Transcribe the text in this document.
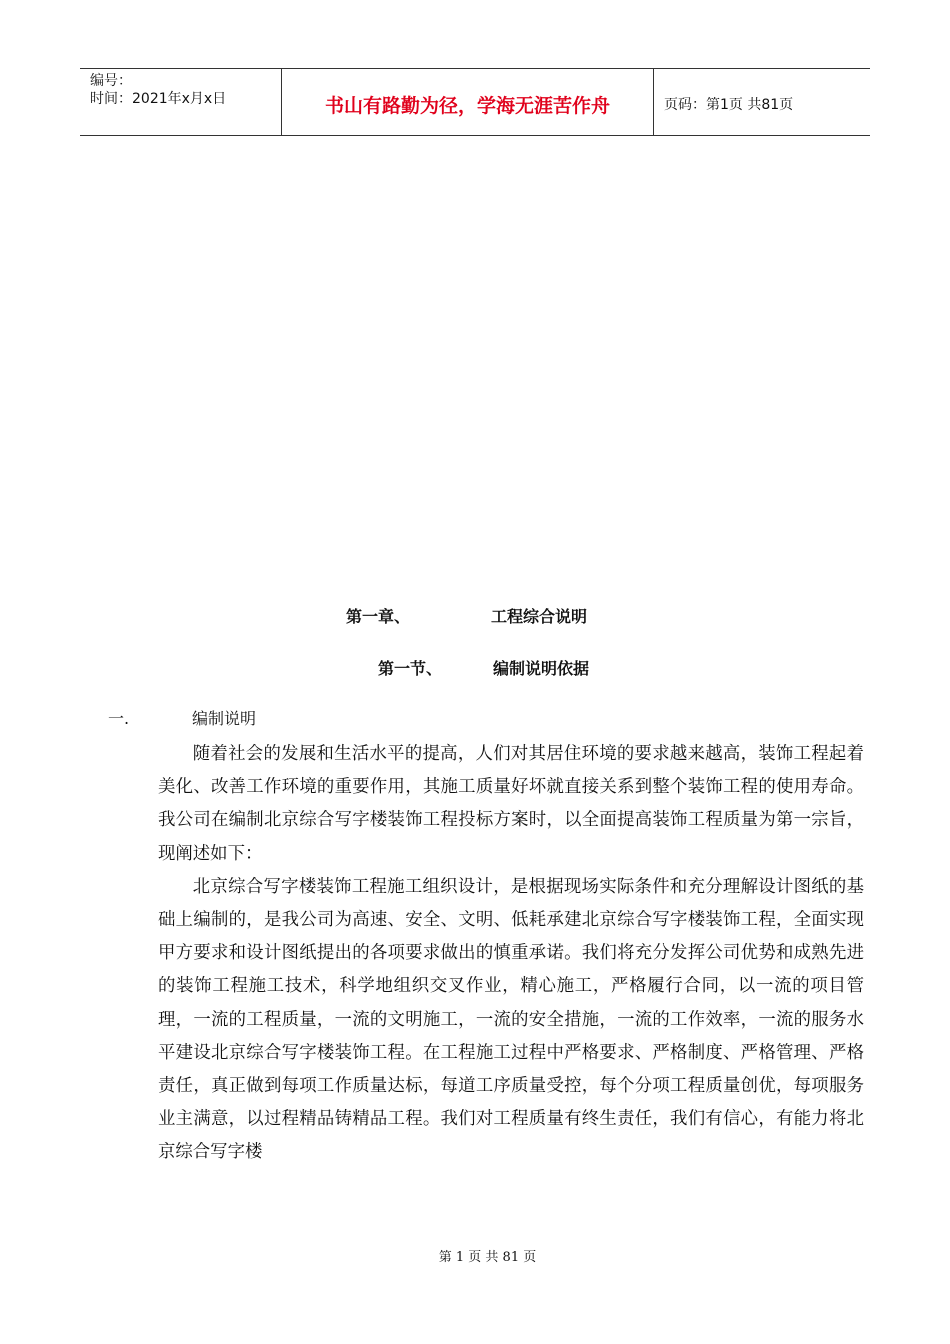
编号：
时间：2021年x月x日	书山有路勤为径，学海无涯苦作舟	页码：第1页 共81页
第一章、	工程综合说明
第一节、	编制说明依据
一.	编制说明

随着社会的发展和生活水平的提高，人们对其居住环境的要求越来越高，装饰工程起着美化、改善工作环境的重要作用，其施工质量好坏就直接关系到整个装饰工程的使用寿命。我公司在编制北京综合写字楼装饰工程投标方案时，以全面提高装饰工程质量为第一宗旨，现阐述如下：

北京综合写字楼装饰工程施工组织设计，是根据现场实际条件和充分理解设计图纸的基础上编制的，是我公司为高速、安全、文明、低耗承建北京综合写字楼装饰工程，全面实现甲方要求和设计图纸提出的各项要求做出的慎重承诺。我们将充分发挥公司优势和成熟先进的装饰工程施工技术，科学地组织交叉作业，精心施工，严格履行合同，以一流的项目管理，一流的工程质量，一流的文明施工，一流的安全措施，一流的工作效率，一流的服务水平建设北京综合写字楼装饰工程。在工程施工过程中严格要求、严格制度、严格管理、严格责任，真正做到每项工作质量达标，每道工序质量受控，每个分项工程质量创优，每项服务业主满意，以过程精品铸精品工程。我们对工程质量有终生责任，我们有信心，有能力将北京综合写字楼

第 1 页 共 81 页
